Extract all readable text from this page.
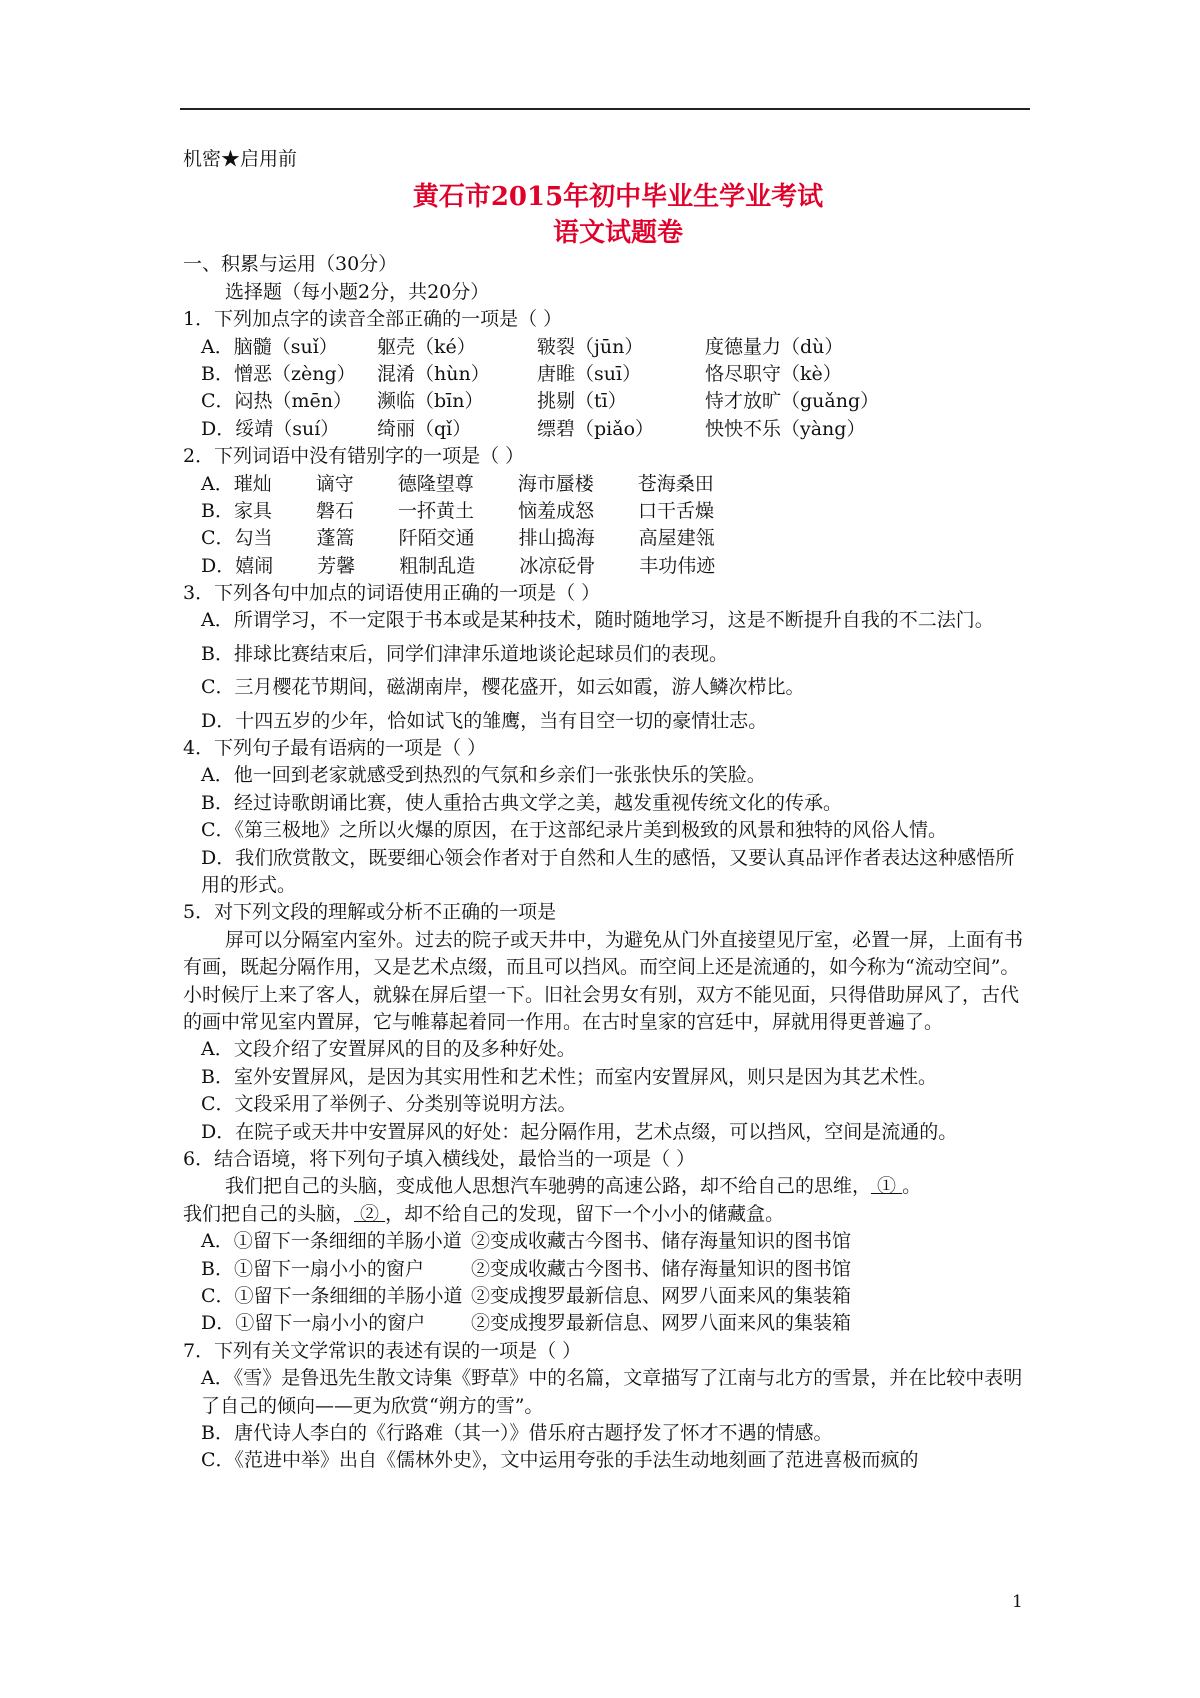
机密★启用前
黄石市2015年初中毕业生学业考试
语文试题卷
一、积累与运用（30分）
选择题（每小题2分，共20分）
1．下列加点字的读音全部正确的一项是（ ）
A．脑髓（suǐ） 躯壳（ké）	皲裂（jūn）	度德量力（dù）
B．憎恶（zèng） 混淆（hùn） 唐睢（suī）	恪尽职守（kè）
C．闷热（mēn） 濒临（bīn）	挑剔（tī）	恃才放旷（guǎng）
D．绥靖（suí） 绮丽（qǐ）	缥碧（piǎo）	怏怏不乐（yàng）
2．下列词语中没有错别字的一项是（ ）
A．璀灿 谪守 德隆望尊 海市蜃楼 苍海桑田
B．家具 磐石 一抔黄土 恼羞成怒 口干舌燥
C．勾当 蓬篙 阡陌交通 排山捣海 高屋建瓴
D．嬉闹 芳馨 粗制乱造 冰凉砭骨 丰功伟迹
3．下列各句中加点的词语使用正确的一项是（ ）
A．所谓学习，不一定限于书本或是某种技术，随时随地学习，这是不断提升自我的不二法门。
B．排球比赛结束后，同学们津津乐道地谈论起球员们的表现。
C．三月樱花节期间，磁湖南岸，樱花盛开，如云如霞，游人鳞次栉比。
D．十四五岁的少年，恰如试飞的雏鹰，当有目空一切的豪情壮志。
4．下列句子最有语病的一项是（ ）
A．他一回到老家就感受到热烈的气氛和乡亲们一张张快乐的笑脸。
B．经过诗歌朗诵比赛，使人重拾古典文学之美，越发重视传统文化的传承。
C．《第三极地》之所以火爆的原因，在于这部纪录片美到极致的风景和独特的风俗人情。
D．我们欣赏散文，既要细心领会作者对于自然和人生的感悟，又要认真品评作者表达这种感悟所用的形式。
5．对下列文段的理解或分析不正确的一项是
屏可以分隔室内室外。过去的院子或天井中，为避免从门外直接望见厅室，必置一屏，上面有书有画，既起分隔作用，又是艺术点缀，而且可以挡风。而空间上还是流通的，如今称为“流动空间”。小时候厅上来了客人，就躲在屏后望一下。旧社会男女有别，双方不能见面，只得借助屏风了，古代的画中常见室内置屏，它与帷幕起着同一作用。在古时皇家的宫廷中，屏就用得更普遍了。
A．文段介绍了安置屏风的目的及多种好处。
B．室外安置屏风，是因为其实用性和艺术性；而室内安置屏风，则只是因为其艺术性。
C．文段采用了举例子、分类别等说明方法。
D．在院子或天井中安置屏风的好处：起分隔作用，艺术点缀，可以挡风，空间是流通的。
6．结合语境，将下列句子填入横线处，最恰当的一项是（ ）
我们把自己的头脑，变成他人思想汽车驰骋的高速公路，却不给自己的思维， ① 。
我们把自己的头脑， ② ，却不给自己的发现，留下一个小小的储藏盒。
A．①留下一条细细的羊肠小道 ②变成收藏古今图书、储存海量知识的图书馆
B．①留下一扇小小的窗户 ②变成收藏古今图书、储存海量知识的图书馆
C．①留下一条细细的羊肠小道 ②变成搜罗最新信息、网罗八面来风的集装箱
D．①留下一扇小小的窗户 ②变成搜罗最新信息、网罗八面来风的集装箱
7．下列有关文学常识的表述有误的一项是（ ）
A．《雪》是鲁迅先生散文诗集《野草》中的名篇，文章描写了江南与北方的雪景，并在比较中表明了自己的倾向——更为欣赏“朔方的雪”。
B．唐代诗人李白的《行路难（其一）》借乐府古题抒发了怀才不遇的情感。
C．《范进中举》出自《儒林外史》，文中运用夸张的手法生动地刻画了范进喜极而疯的
1
